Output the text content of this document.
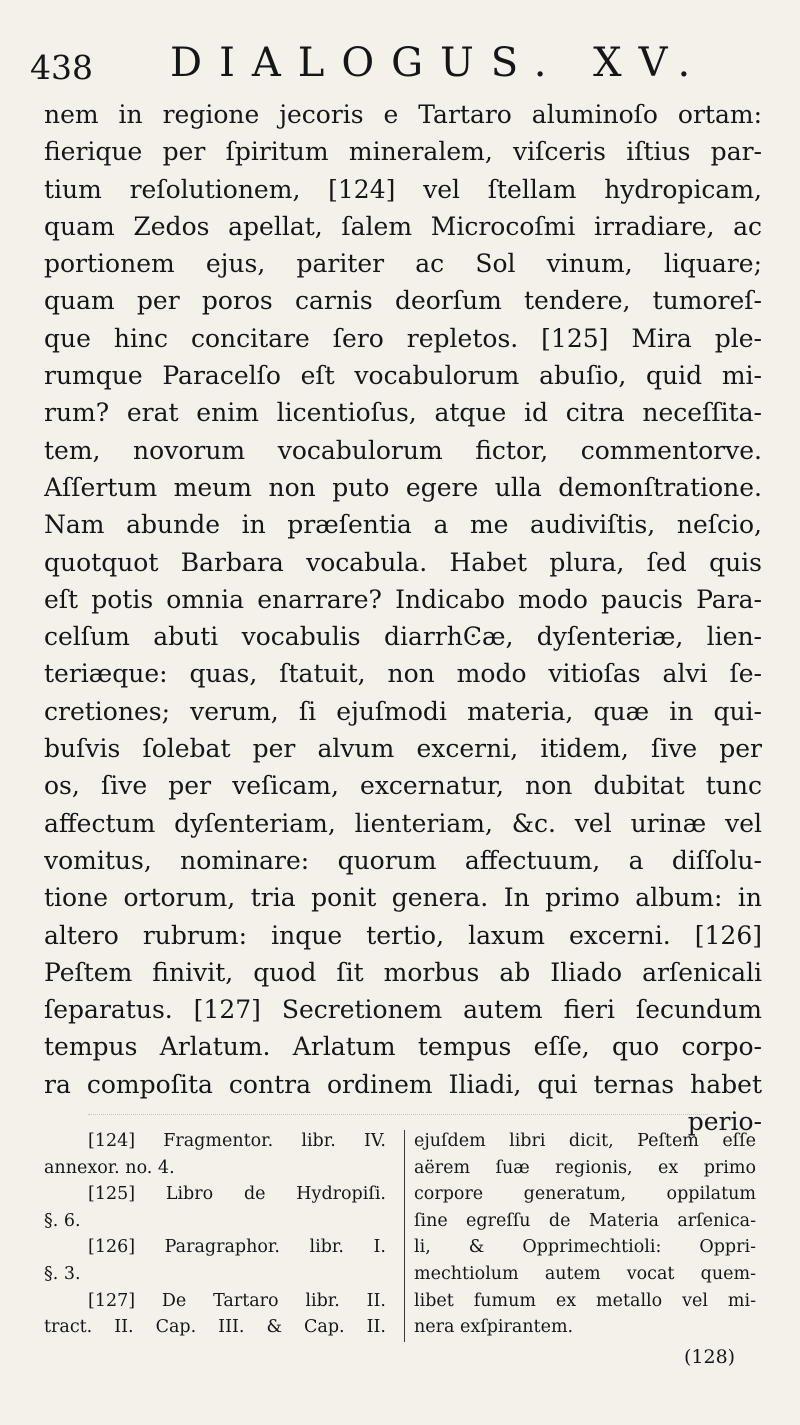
438 DIALOGUS. XV.
nem in regione jecoris e Tartaro aluminoſo ortam:
fierique per ſpiritum mineralem, viſceris iſtius par-
tium reſolutionem, [124] vel ſtellam hydropicam,
quam Zedos apellat, ſalem Microcoſmi irradiare, ac
portionem ejus, pariter ac Sol vinum, liquare;
quam per poros carnis deorſum tendere, tumoreſ-
que hinc concitare ſero repletos. [125] Mira ple-
rumque Paracelſo eſt vocabulorum abuſio, quid mi-
rum? erat enim licentioſus, atque id citra neceſſita-
tem, novorum vocabulorum fictor, commentorve.
Aſſertum meum non puto egere ulla demonſtratione.
Nam abunde in præſentia a me audiviſtis, neſcio,
quotquot Barbara vocabula. Habet plura, ſed quis
eſt potis omnia enarrare? Indicabo modo paucis Para-
celſum abuti vocabulis diarrhϾæ, dyſenteriæ, lien-
teriæque: quas, ſtatuit, non modo vitioſas alvi ſe-
cretiones; verum, ſi ejuſmodi materia, quæ in qui-
buſvis ſolebat per alvum excerni, itidem, ſive per
os, ſive per veſicam, excernatur, non dubitat tunc
affectum dyſenteriam, lienteriam, &c. vel urinæ vel
vomitus, nominare: quorum affectuum, a diſſolu-
tione ortorum, tria ponit genera. In primo album: in
altero rubrum: inque tertio, laxum excerni. [126]
Peſtem finivit, quod ſit morbus ab Iliado arſenicali
ſeparatus. [127] Secretionem autem fieri ſecundum
tempus Arlatum. Arlatum tempus eſſe, quo corpo-
ra compoſita contra ordinem Iliadi, qui ternas habet
perio-
[124] Fragmentor. libr. IV.
annexor. no. 4.
[125] Libro de Hydropiſi.
§. 6.
[126] Paragraphor. libr. I.
§. 3.
[127] De Tartaro libr. II.
tract. II. Cap. III. & Cap. II.
ejuſdem libri dicit, Peſtem eſſe
aërem ſuæ regionis, ex primo
corpore generatum, oppilatum
ſine egreſſu de Materia arſenica-
li, & Opprimechtioli: Oppri-
mechtiolum autem vocat quem-
libet fumum ex metallo vel mi-
nera exſpirantem.
(128)
